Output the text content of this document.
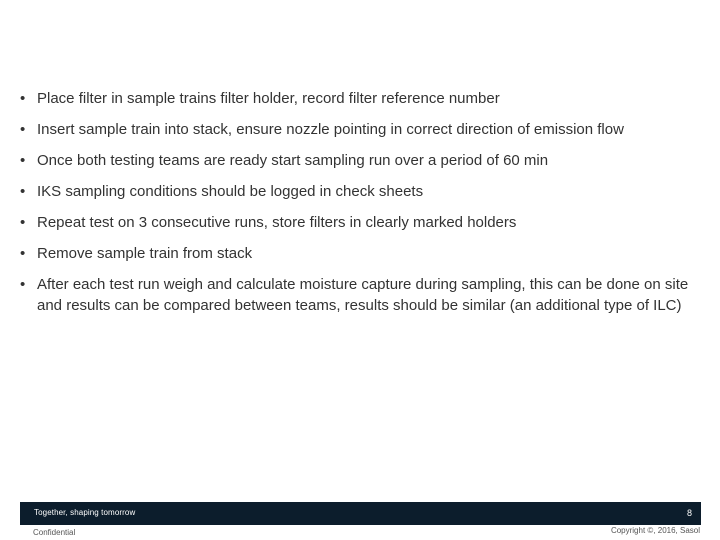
• Place filter in sample trains filter holder, record filter reference number
• Insert sample train into stack, ensure nozzle pointing in correct direction of emission flow
• Once both testing teams are ready start sampling run over a period of 60 min
• IKS sampling conditions should be logged in check sheets
• Repeat test on 3 consecutive runs, store filters in clearly marked holders
• Remove sample train from stack
• After each test run weigh and calculate moisture capture during sampling, this can be done on site and results can be compared between teams, results should be similar (an additional type of ILC)
Together, shaping tomorrow	8
Confidential	Copyright ©, 2016, Sasol
